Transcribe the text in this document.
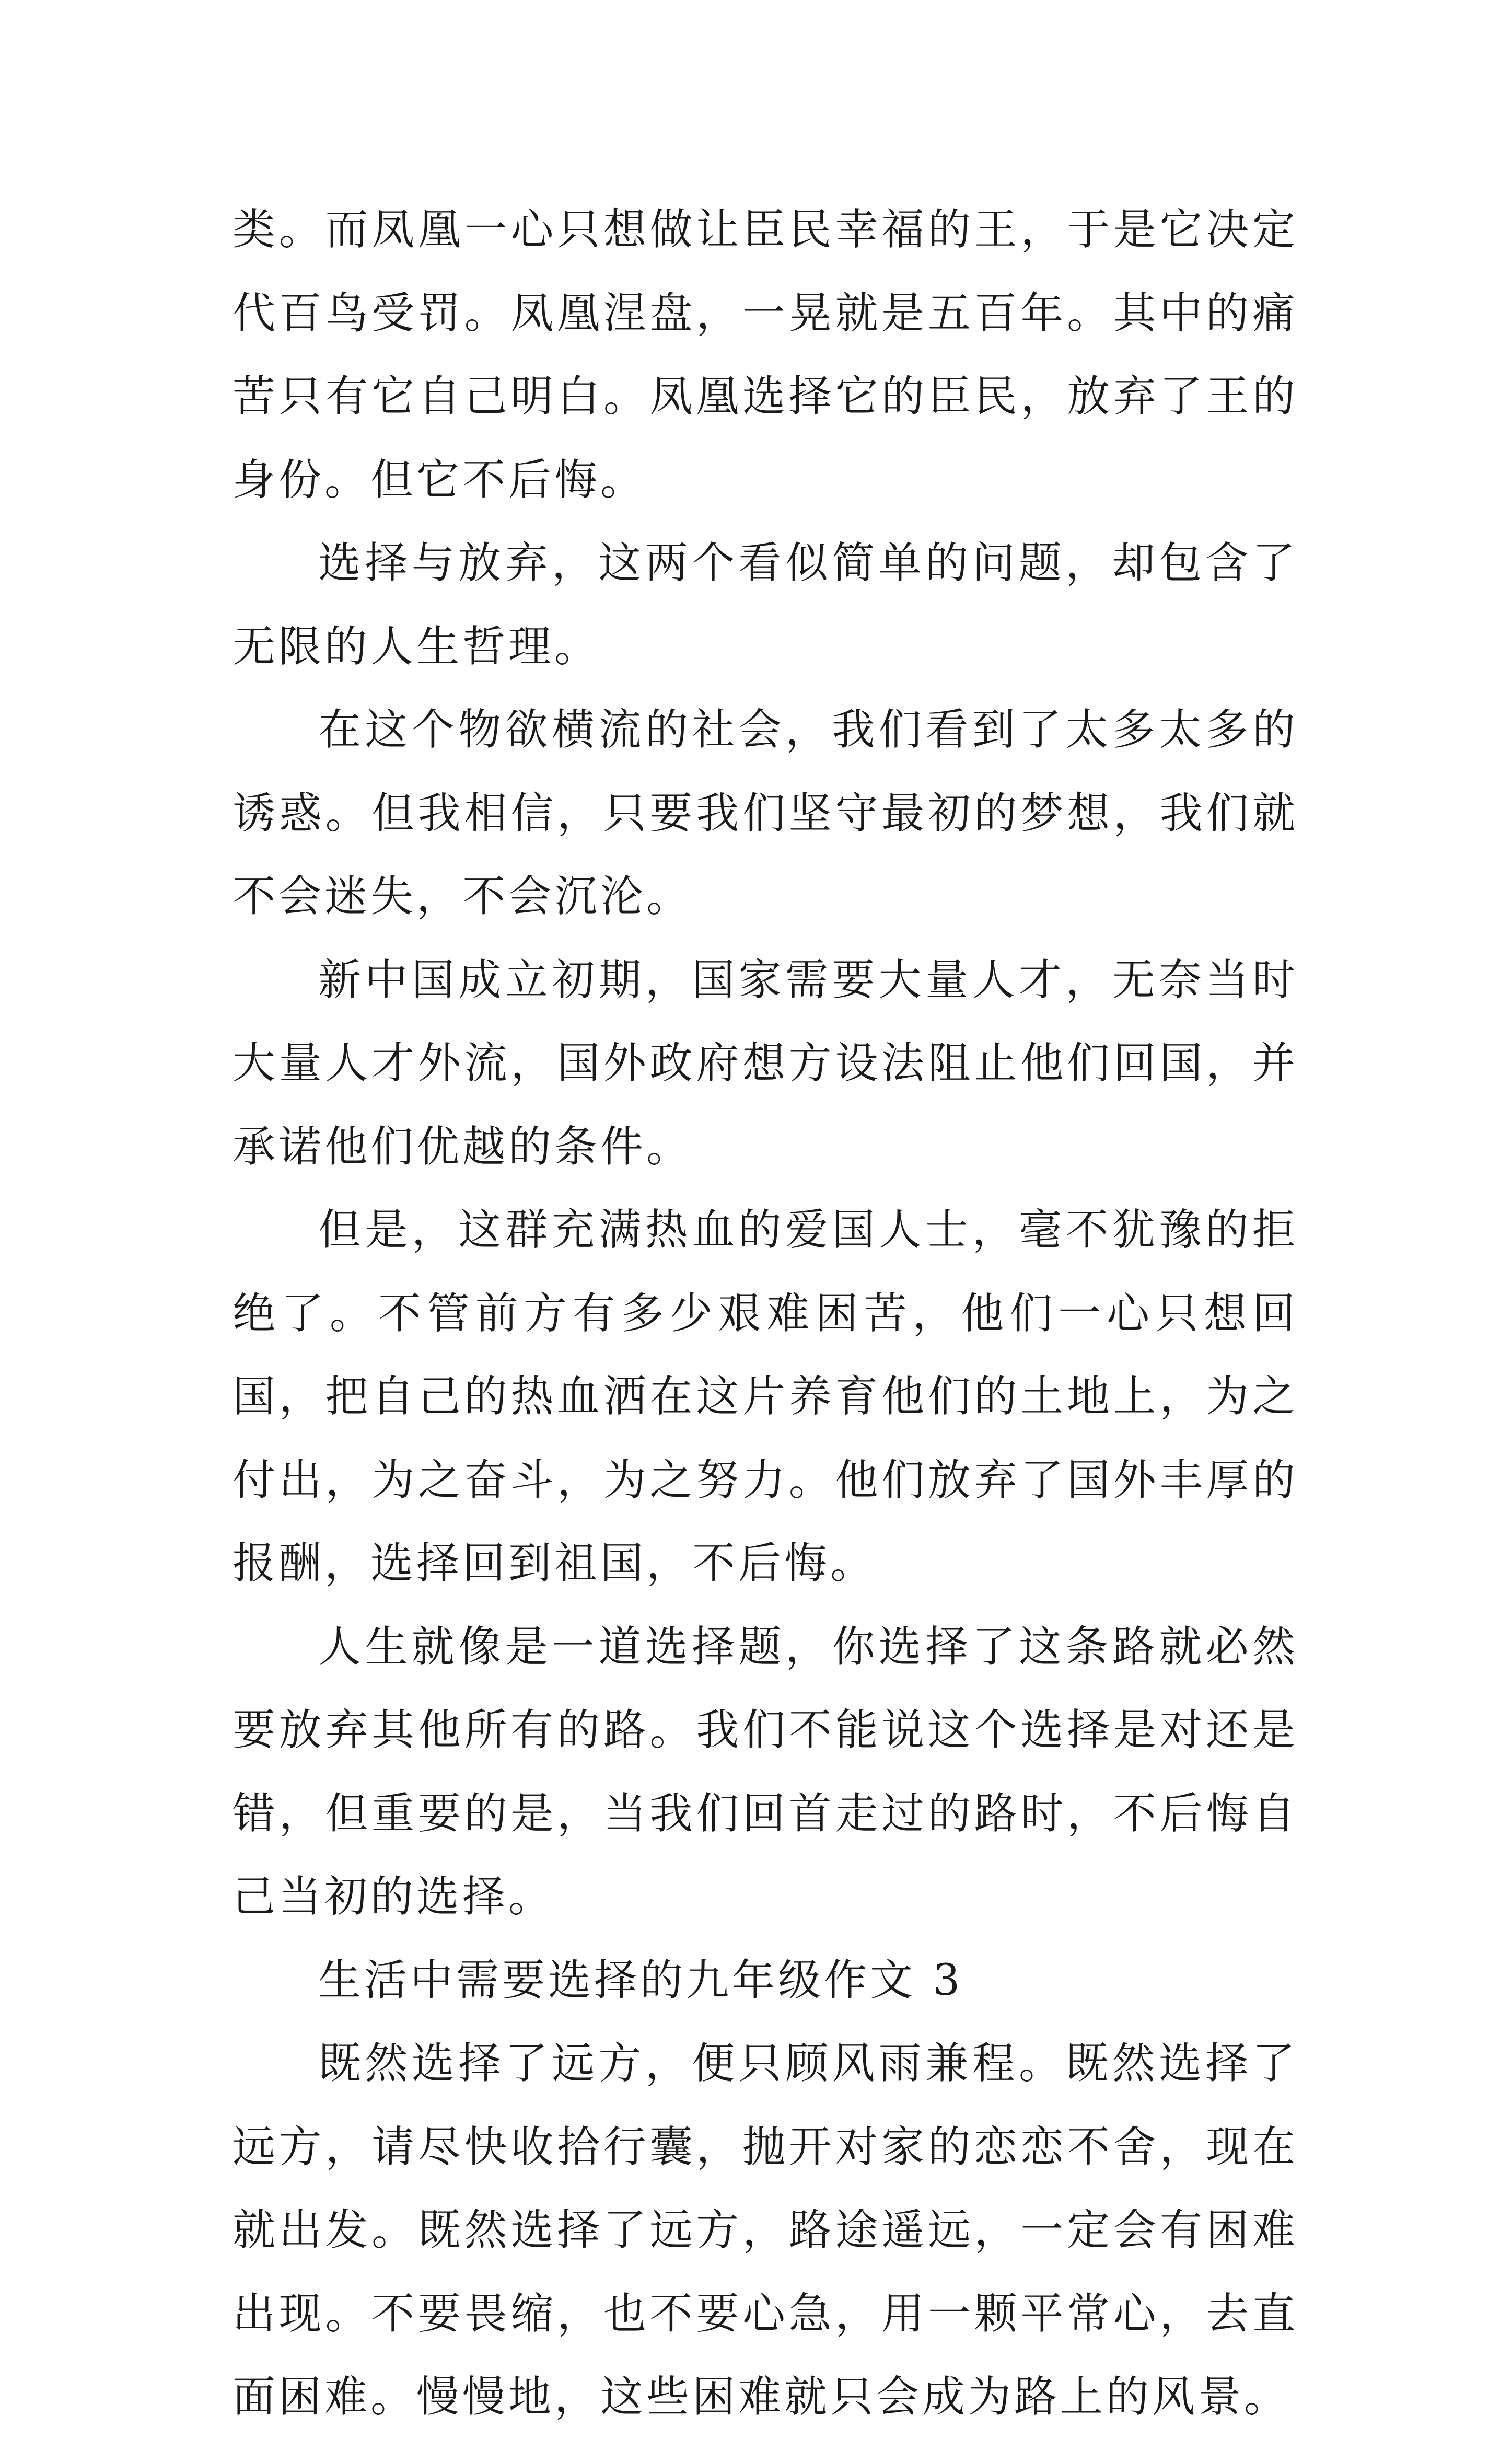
类。而凤凰一心只想做让臣民幸福的王，于是它决定代百鸟受罚。凤凰涅盘，一晃就是五百年。其中的痛苦只有它自己明白。凤凰选择它的臣民，放弃了王的身份。但它不后悔。

选择与放弃，这两个看似简单的问题，却包含了无限的人生哲理。

在这个物欲横流的社会，我们看到了太多太多的诱惑。但我相信，只要我们坚守最初的梦想，我们就不会迷失，不会沉沦。

新中国成立初期，国家需要大量人才，无奈当时大量人才外流，国外政府想方设法阻止他们回国，并承诺他们优越的条件。

但是，这群充满热血的爱国人士，毫不犹豫的拒绝了。不管前方有多少艰难困苦，他们一心只想回国，把自己的热血洒在这片养育他们的土地上，为之付出，为之奋斗，为之努力。他们放弃了国外丰厚的报酬，选择回到祖国，不后悔。

人生就像是一道选择题，你选择了这条路就必然要放弃其他所有的路。我们不能说这个选择是对还是错，但重要的是，当我们回首走过的路时，不后悔自己当初的选择。

生活中需要选择的九年级作文 3

既然选择了远方，便只顾风雨兼程。既然选择了远方，请尽快收拾行囊，抛开对家的恋恋不舍，现在就出发。既然选择了远方，路途遥远，一定会有困难出现。不要畏缩，也不要心急，用一颗平常心，去直面困难。慢慢地，这些困难就只会成为路上的风景。
